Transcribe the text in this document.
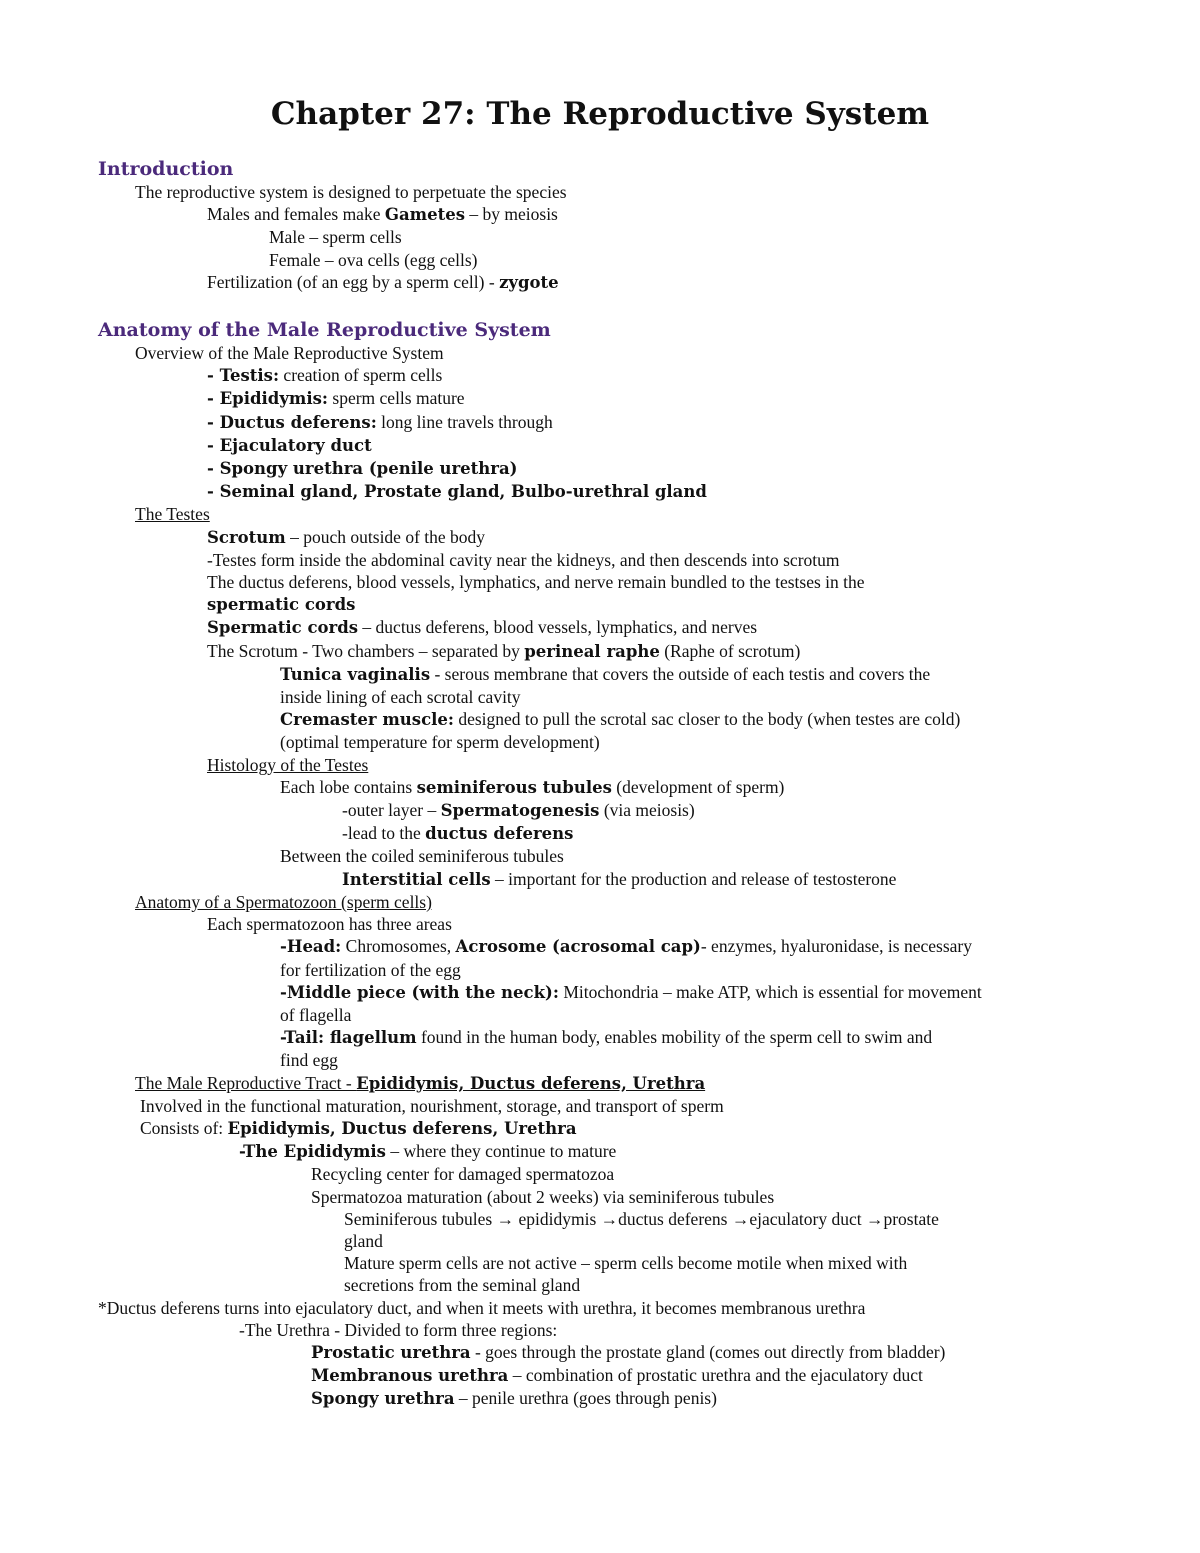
Chapter 27: The Reproductive System
Introduction
The reproductive system is designed to perpetuate the species
Males and females make Gametes – by meiosis
Male – sperm cells
Female – ova cells (egg cells)
Fertilization (of an egg by a sperm cell) - zygote
Anatomy of the Male Reproductive System
Overview of the Male Reproductive System
- Testis: creation of sperm cells
- Epididymis: sperm cells mature
- Ductus deferens: long line travels through
- Ejaculatory duct
- Spongy urethra (penile urethra)
- Seminal gland, Prostate gland, Bulbo-urethral gland
The Testes
Scrotum – pouch outside of the body
-Testes form inside the abdominal cavity near the kidneys, and then descends into scrotum
The ductus deferens, blood vessels, lymphatics, and nerve remain bundled to the testses in the
spermatic cords
Spermatic cords – ductus deferens, blood vessels, lymphatics, and nerves
The Scrotum - Two chambers – separated by perineal raphe (Raphe of scrotum)
Tunica vaginalis - serous membrane that covers the outside of each testis and covers the
inside lining of each scrotal cavity
Cremaster muscle: designed to pull the scrotal sac closer to the body (when testes are cold)
(optimal temperature for sperm development)
Histology of the Testes
Each lobe contains seminiferous tubules (development of sperm)
-outer layer – Spermatogenesis (via meiosis)
-lead to the ductus deferens
Between the coiled seminiferous tubules
Interstitial cells – important for the production and release of testosterone
Anatomy of a Spermatozoon (sperm cells)
Each spermatozoon has three areas
-Head: Chromosomes, Acrosome (acrosomal cap)- enzymes, hyaluronidase, is necessary
for fertilization of the egg
-Middle piece (with the neck): Mitochondria – make ATP, which is essential for movement
of flagella
-Tail: flagellum found in the human body, enables mobility of the sperm cell to swim and
find egg
The Male Reproductive Tract - Epididymis, Ductus deferens, Urethra
Involved in the functional maturation, nourishment, storage, and transport of sperm
Consists of: Epididymis, Ductus deferens, Urethra
-The Epididymis – where they continue to mature
Recycling center for damaged spermatozoa
Spermatozoa maturation (about 2 weeks) via seminiferous tubules
Seminiferous tubules → epididymis →ductus deferens →ejaculatory duct →prostate
gland
Mature sperm cells are not active – sperm cells become motile when mixed with
secretions from the seminal gland
*Ductus deferens turns into ejaculatory duct, and when it meets with urethra, it becomes membranous urethra
-The Urethra - Divided to form three regions:
Prostatic urethra - goes through the prostate gland (comes out directly from bladder)
Membranous urethra – combination of prostatic urethra and the ejaculatory duct
Spongy urethra – penile urethra (goes through penis)
